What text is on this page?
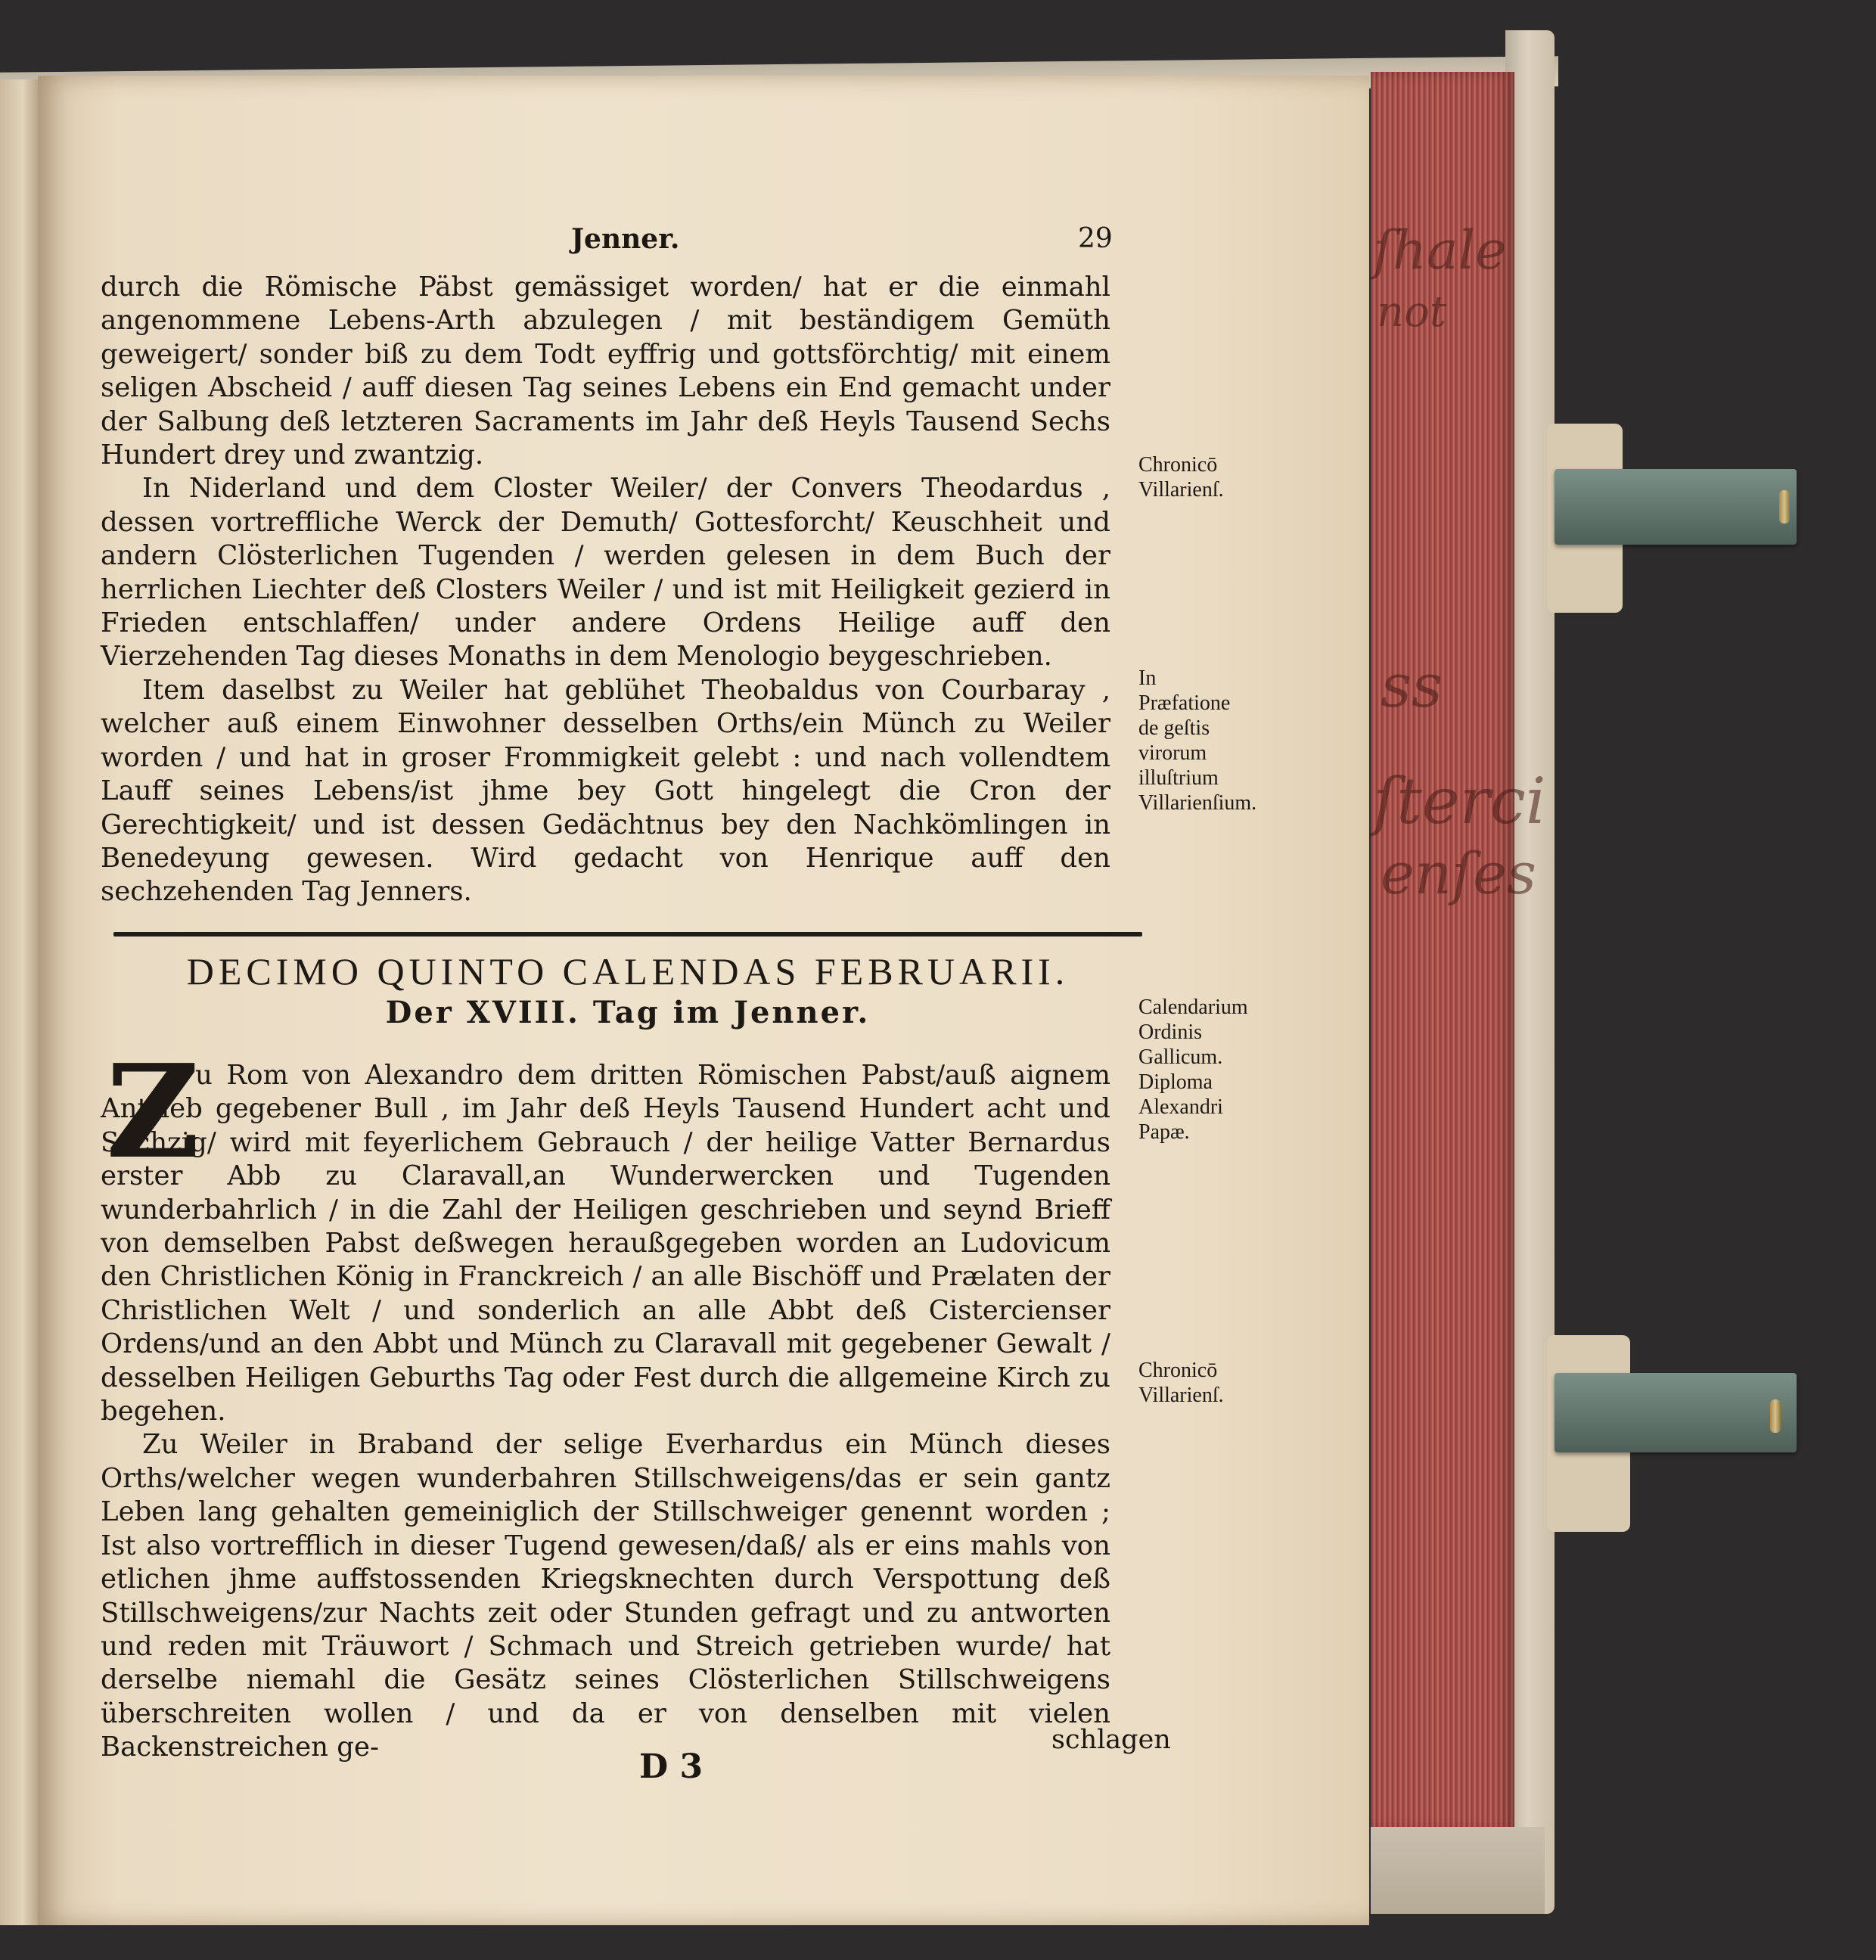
ſhale
not
ss
ſterci
enſes
Jenner.	29

durch die Römische Päbst gemässiget worden/ hat er die einmahl angenommene Lebens-Arth abzulegen / mit beständigem Gemüth geweigert/ sonder biß zu dem Todt eyffrig und gottsförchtig/ mit einem seligen Abscheid / auff diesen Tag seines Lebens ein End gemacht under der Salbung deß letzteren Sacraments im Jahr deß Heyls Tausend Sechs Hundert drey und zwantzig.

In Niderland und dem Closter Weiler/ der Convers Theodardus , dessen vortreffliche Werck der Demuth/ Gottesforcht/ Keuschheit und andern Clösterlichen Tugenden / werden gelesen in dem Buch der herrlichen Liechter deß Closters Weiler / und ist mit Heiligkeit gezierd in Frieden entschlaffen/ under andere Ordens Heilige auff den Vierzehenden Tag dieses Monaths in dem Menologio beygeschrieben.

Item daselbst zu Weiler hat geblühet Theobaldus von Courbaray , welcher auß einem Einwohner desselben Orths/ein Münch zu Weiler worden / und hat in groser Frommigkeit gelebt : und nach vollendtem Lauff seines Lebens/ist jhme bey Gott hingelegt die Cron der Gerechtigkeit/ und ist dessen Gedächtnus bey den Nachkömlingen in Benedeyung gewesen. Wird gedacht von Henrique auff den sechzehenden Tag Jenners.

Chronicō Villarienſ.
In Præfatione de geſtis virorum illuſtrium Villarienſium.
DECIMO QUINTO CALENDAS FEBRUARII.
Der XVIII. Tag im Jenner.
Z

u Rom von Alexandro dem dritten Römischen Pabst/auß aignem Antrieb gegebener Bull , im Jahr deß Heyls Tausend Hundert acht und Sechzig/ wird mit feyerlichem Gebrauch / der heilige Vatter Bernardus erster Abb zu Claravall,an Wunderwercken und Tugenden wunderbahrlich / in die Zahl der Heiligen geschrieben und seynd Brieff von demselben Pabst deßwegen heraußgegeben worden an Ludovicum den Christlichen König in Franckreich / an alle Bischöff und Prælaten der Christlichen Welt / und sonderlich an alle Abbt deß Cistercienser Ordens/und an den Abbt und Münch zu Claravall mit gegebener Gewalt / desselben Heiligen Geburths Tag oder Fest durch die allgemeine Kirch zu begehen.

Zu Weiler in Braband der selige Everhardus ein Münch dieses Orths/welcher wegen wunderbahren Stillschweigens/das er sein gantz Leben lang gehalten gemeiniglich der Stillschweiger genennt worden ; Ist also vortrefflich in dieser Tugend gewesen/daß/ als er eins mahls von etlichen jhme auffstossenden Kriegsknechten durch Verspottung deß Stillschweigens/zur Nachts zeit oder Stunden gefragt und zu antworten und reden mit Träuwort / Schmach und Streich getrieben wurde/ hat derselbe niemahl die Gesätz seines Clösterlichen Stillschweigens überschreiten wollen / und da er von denselben mit vielen Backenstreichen ge-

Calendarium Ordinis Gallicum. Diploma Alexandri Papæ.
Chronicō Villarienſ.
D 3
schlagen
